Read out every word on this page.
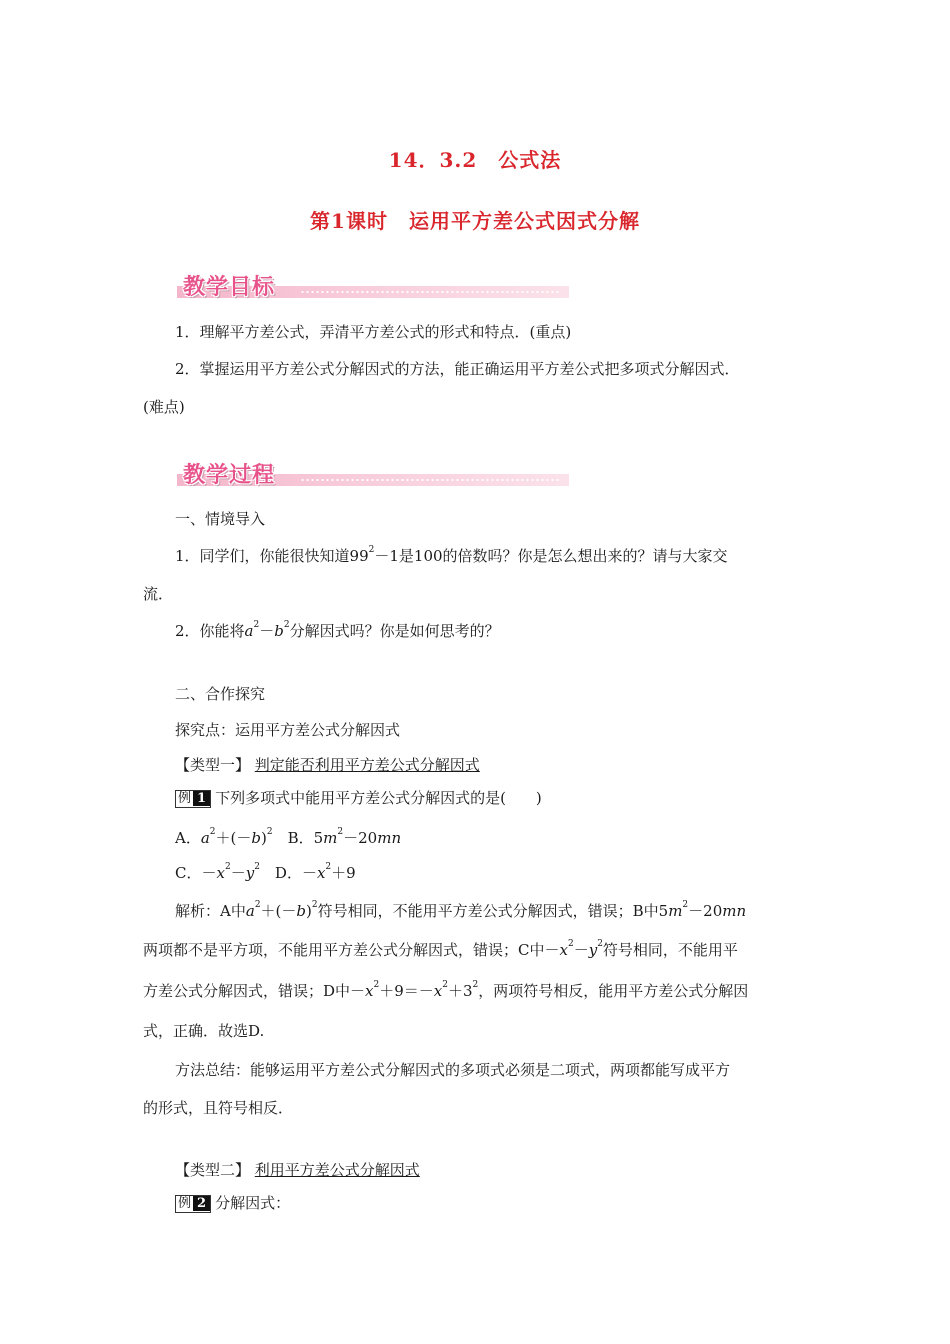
14．3.2　公式法
第1课时　运用平方差公式因式分解
教学目标
1．理解平方差公式，弄清平方差公式的形式和特点．(重点)
2．掌握运用平方差公式分解因式的方法，能正确运用平方差公式把多项式分解因式．
(难点)
教学过程
一、情境导入
1．同学们，你能很快知道$99^2-1$是100的倍数吗？你是怎么想出来的？请与大家交
流．
2．你能将$a^2-b^2$分解因式吗？你是如何思考的？
二、合作探究
探究点：运用平方差公式分解因式
【类型一】 判定能否利用平方差公式分解因式
例 1 下列多项式中能用平方差公式分解因式的是(　　)
A．$a^2+(-b)^2$　B．$5m^2-20mn$
C．$-x^2-y^2$　D．$-x^2+9$
解析：A中$a^2+(-b)^2$符号相同，不能用平方差公式分解因式，错误；B中$5m^2-20mn$
两项都不是平方项，不能用平方差公式分解因式，错误；C中$-x^2-y^2$符号相同，不能用平
方差公式分解因式，错误；D中$-x^2+9=-x^2+3^2$，两项符号相反，能用平方差公式分解因
式，正确．故选D.
方法总结：能够运用平方差公式分解因式的多项式必须是二项式，两项都能写成平方
的形式，且符号相反．
【类型二】 利用平方差公式分解因式
例 2 分解因式：
